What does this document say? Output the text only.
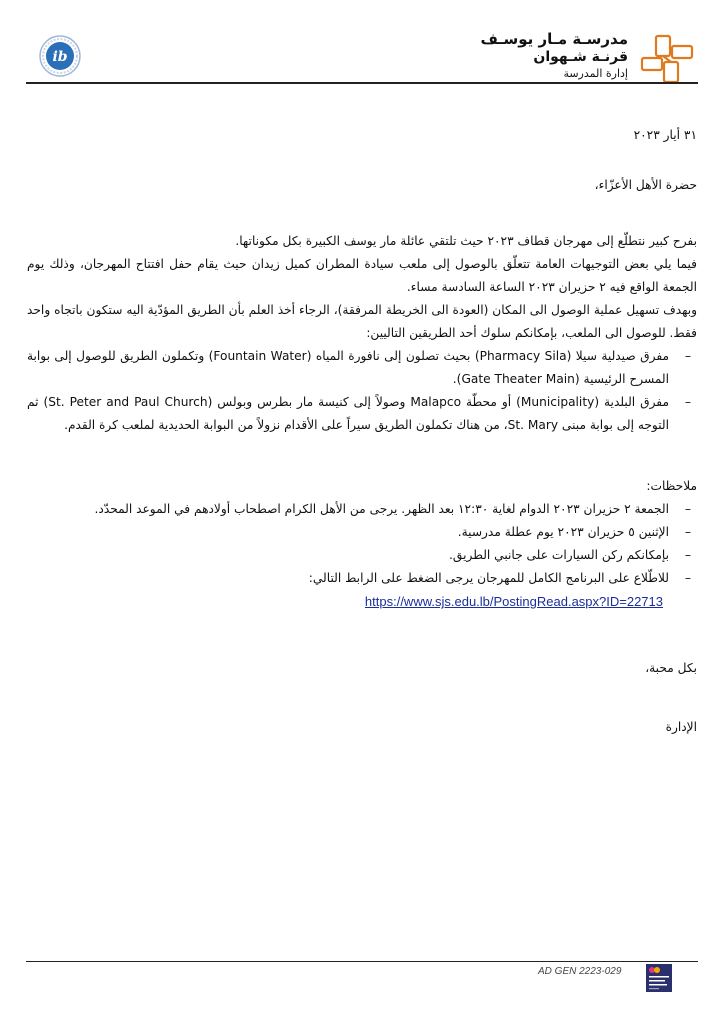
ib
مدرسـة مـار يوسـف
قرنـة شـهوان
إدارة المدرسة
٣١ أيار ٢٠٢٣
حضرة الأهل الأعزّاء،

بفرح كبير نتطلّع إلى مهرجان قطاف ٢٠٢٣ حيث تلتقي عائلة مار يوسف الكبيرة بكل مكوناتها.

فيما يلي بعض التوجيهات العامة تتعلّق بالوصول إلى ملعب سيادة المطران كميل زيدان حيث يقام حفل افتتاح المهرجان، وذلك يوم الجمعة الواقع فيه ٢ حزيران ٢٠٢٣ الساعة السادسة مساء.

وبهدف تسهيل عملية الوصول الى المكان (العودة الى الخريطة المرفقة)، الرجاء أخذ العلم بأن الطريق المؤدّية اليه ستكون باتجاه واحد فقط. للوصول الى الملعب، بإمكانكم سلوك أحد الطريقين التاليين:

– مفرق صيدلية سيلا (Pharmacy Sila) بحيث تصلون إلى نافورة المياه (Fountain Water) وتكملون الطريق للوصول إلى بوابة المسرح الرئيسية (Gate Theater Main).
– مفرق البلدية (Municipality) أو محطّة Malapco وصولاً إلى كنيسة مار بطرس وبولس (St. Peter and Paul Church) ثم التوجه إلى بوابة مبنى St. Mary، من هناك تكملون الطريق سيراً على الأقدام نزولاً من البوابة الحديدية لملعب كرة القدم.
ملاحظات:
– الجمعة ٢ حزيران ٢٠٢٣ الدوام لغاية ١٢:٣٠ بعد الظهر. يرجى من الأهل الكرام اصطحاب أولادهم في الموعد المحدّد.
– الإثنين ٥ حزيران ٢٠٢٣ يوم عطلة مدرسية.
– بإمكانكم ركن السيارات على جانبي الطريق.
– للاطّلاع على البرنامج الكامل للمهرجان يرجى الضغط على الرابط التالي:
https://www.sjs.edu.lb/PostingRead.aspx?ID=22713
بكل محبة،
الإدارة
AD GEN 2223-029
